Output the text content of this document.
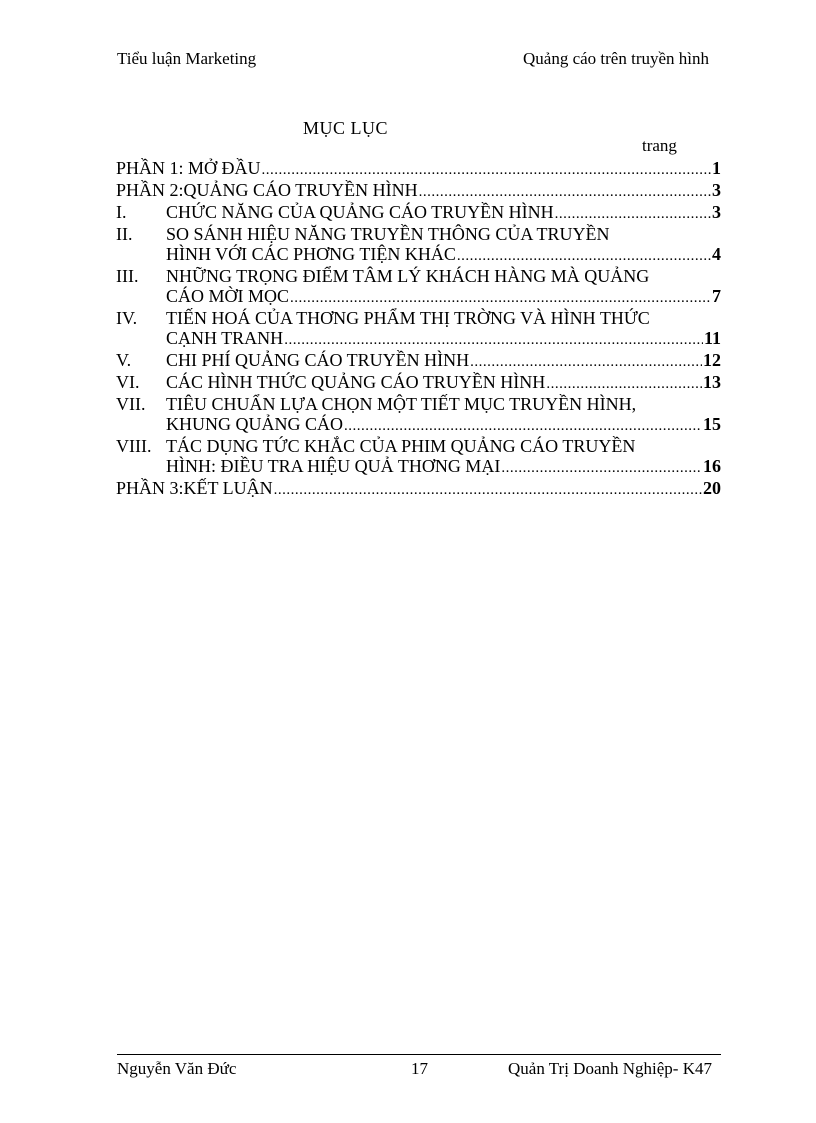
Tiểu luận Marketing	Quảng cáo trên truyền hình
MỤC LỤC
trang
PHẦN 1: MỞ ĐẦU .....	1
PHẦN 2:QUẢNG CÁO TRUYỀN HÌNH .....	3
I.	CHỨC NĂNG CỦA QUẢNG CÁO TRUYỀN HÌNH .....	3
II.	SO SÁNH HIỆU NĂNG TRUYỀN THÔNG CỦA TRUYỀN
HÌNH VỚI CÁC PHƠNG TIỆN KHÁC .....	4
III.	NHỮNG TRỌNG ĐIỂM TÂM LÝ KHÁCH HÀNG MÀ QUẢNG
CÁO MỜI MỌC .....	7
IV.	TIẾN HOÁ CỦA THƠNG PHẨM THỊ TRỜNG VÀ HÌNH THỨC
CẠNH TRANH .....	11
V.	CHI PHÍ QUẢNG CÁO TRUYỀN HÌNH .....	12
VI.	CÁC HÌNH THỨC QUẢNG CÁO TRUYỀN HÌNH .....	13
VII.	TIÊU CHUẨN LỰA CHỌN MỘT TIẾT MỤC TRUYỀN HÌNH,
KHUNG QUẢNG CÁO .....	15
VIII. TÁC DỤNG TỨC KHẮC CỦA PHIM QUẢNG CÁO TRUYỀN
HÌNH: ĐIỀU TRA HIỆU QUẢ THƠNG MẠI .....	16
PHẦN 3:KẾT LUẬN .....	20
Nguyễn Văn Đức	17	Quản Trị Doanh Nghiệp- K47
